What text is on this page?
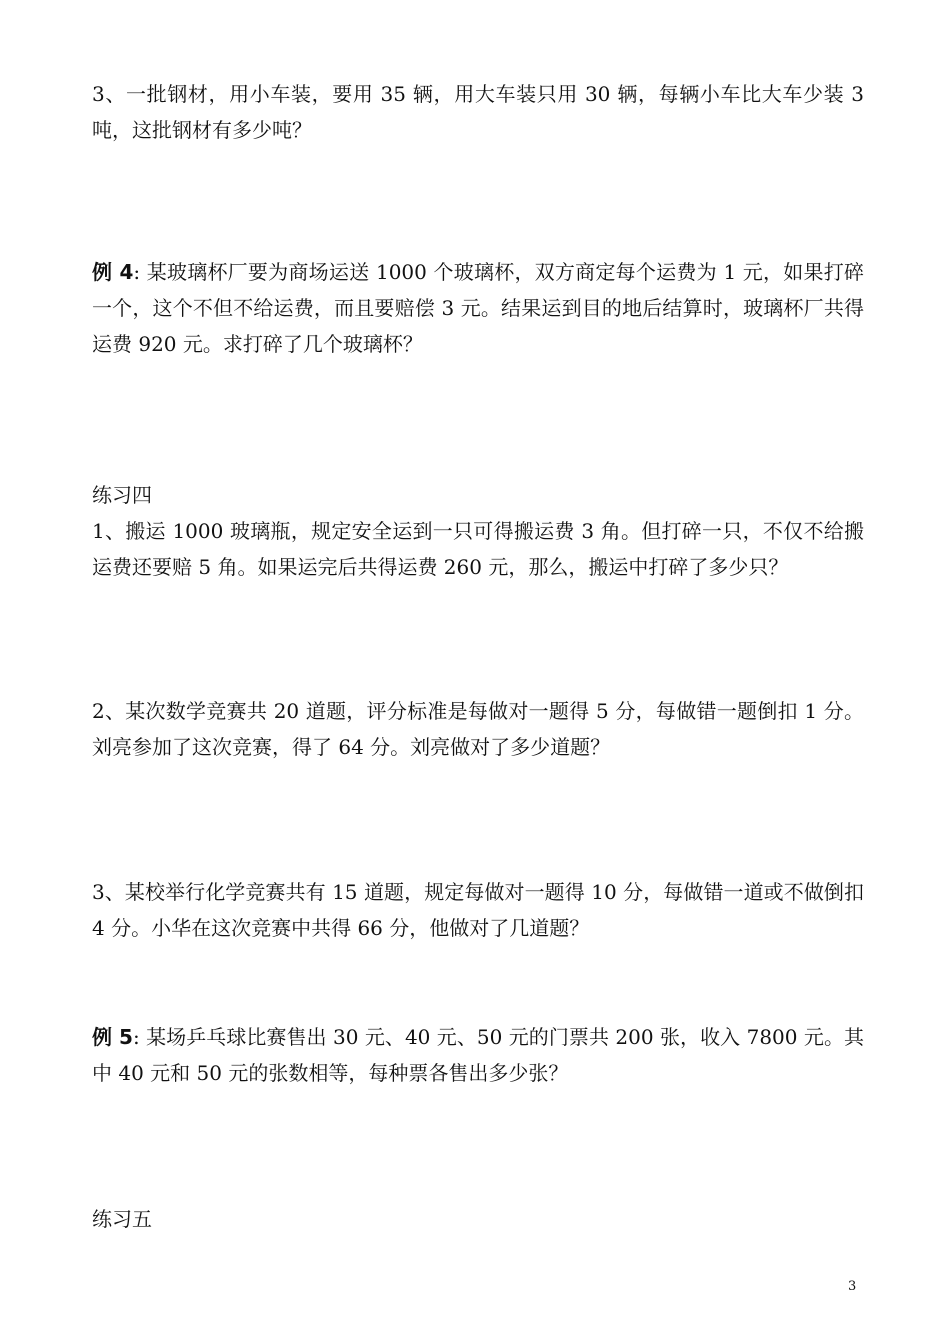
3、一批钢材，用小车装，要用 35 辆，用大车装只用 30 辆，每辆小车比大车少装 3 吨，这批钢材有多少吨？

例 4: 某玻璃杯厂要为商场运送 1000 个玻璃杯，双方商定每个运费为 1 元，如果打碎一个，这个不但不给运费，而且要赔偿 3 元。结果运到目的地后结算时，玻璃杯厂共得运费 920 元。求打碎了几个玻璃杯？

练习四

1、搬运 1000 玻璃瓶，规定安全运到一只可得搬运费 3 角。但打碎一只，不仅不给搬运费还要赔 5 角。如果运完后共得运费 260 元，那么，搬运中打碎了多少只？

2、某次数学竞赛共 20 道题，评分标准是每做对一题得 5 分，每做错一题倒扣 1 分。刘亮参加了这次竞赛，得了 64 分。刘亮做对了多少道题？

3、某校举行化学竞赛共有 15 道题，规定每做对一题得 10 分，每做错一道或不做倒扣 4 分。小华在这次竞赛中共得 66 分，他做对了几道题？

例 5: 某场乒乓球比赛售出 30 元、40 元、50 元的门票共 200 张，收入 7800 元。其中 40 元和 50 元的张数相等，每种票各售出多少张？

练习五

3
